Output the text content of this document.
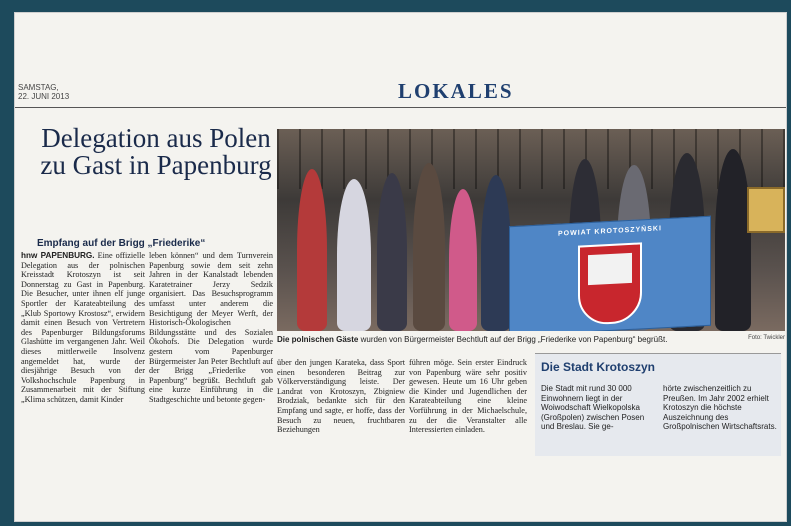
SAMSTAG,
22. JUNI 2013	LOKALES
Delegation aus Polen zu Gast in Papenburg
Empfang auf der Brigg „Friederike“
hnw PAPENBURG. Eine offizielle Delegation aus der polnischen Kreisstadt Krotoszyn ist seit Donnerstag zu Gast in Papenburg. Die Besucher, unter ihnen elf junge Sportler der Karateabteilung des „Klub Sportowy Krostosz“, erwidern damit einen Besuch von Vertretern des Papenburger Bildungsforums Glashütte im vergangenen Jahr. Weil dieses mittlerweile Insolvenz angemeldet hat, wurde der diesjährige Besuch von der Volkshochschule Papenburg in Zusammenarbeit mit der Stiftung „Klima schützen, damit Kinder
leben können“ und dem Turnverein Papenburg sowie dem seit zehn Jahren in der Kanalstadt lebenden Karatetrainer Jerzy Sedzik organisiert. Das Besuchsprogramm umfasst unter anderem die Besichtigung der Meyer Werft, der Historisch-Ökologischen Bildungsstätte und des Sozialen Ökohofs. Die Delegation wurde gestern vom Papenburger Bürgermeister Jan Peter Bechtluft auf der Brigg „Friederike von Papenburg“ begrüßt. Bechtluft gab eine kurze Einführung in die Stadtgeschichte und betonte gegen-
POWIAT KROTOSZYŃSKI
Die polnischen Gäste wurden von Bürgermeister Bechtluft auf der Brigg „Friederike von Papenburg“ begrüßt.	Foto: Twickler
über den jungen Karateka, dass Sport einen besonderen Beitrag zur Völkerverständigung leiste. Der Landrat von Krotoszyn, Zbigniew Brodziak, bedankte sich für den Empfang und sagte, er hoffe, dass der Besuch zu neuen, fruchtbaren Beziehungen
führen möge. Sein erster Eindruck von Papenburg wäre sehr positiv gewesen. Heute um 16 Uhr geben die Kinder und Jugendlichen der Karateabteilung eine kleine Vorführung in der Michaelschule, zu der die Veranstalter alle Interessierten einladen.
Die Stadt Krotoszyn
Die Stadt mit rund 30 000 Einwohnern liegt in der Woiwodschaft Wielkopolska (Großpolen) zwischen Posen und Breslau. Sie ge-
hörte zwischenzeitlich zu Preußen. Im Jahr 2002 erhielt Krotoszyn die höchste Auszeichnung des Großpolnischen Wirtschaftsrats.
